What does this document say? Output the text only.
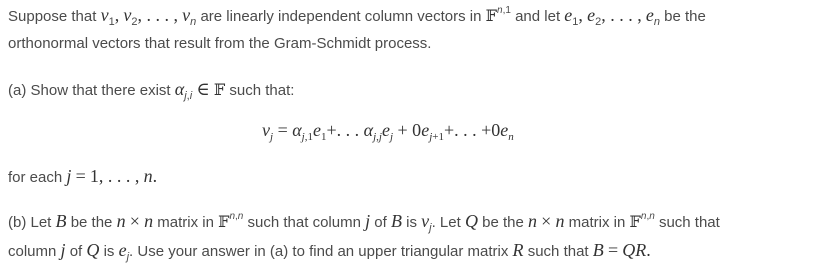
Suppose that $v_1$, $v_2$, . . . , $v_n$ are linearly independent column vectors in 𝔽$^{n,1}$ and let $e_1$, $e_2$, . . . , $e_n$ be the
orthonormal vectors that result from the Gram-Schmidt process.
(a) Show that there exist $\alpha_{j,i}$ ∈ 𝔽 such that:
$v_j = \alpha_{j,1}e_1+$. . . $\alpha_{j,j}e_j + 0e_{j+1}+$. . . $+0e_n$
for each j = 1, . . . , n.
(b) Let B be the n × n matrix in 𝔽$^{n,n}$ such that column j of B is $v_j$. Let Q be the n × n matrix in 𝔽$^{n,n}$ such that
column j of Q is $e_j$. Use your answer in (a) to find an upper triangular matrix R such that B = QR.
